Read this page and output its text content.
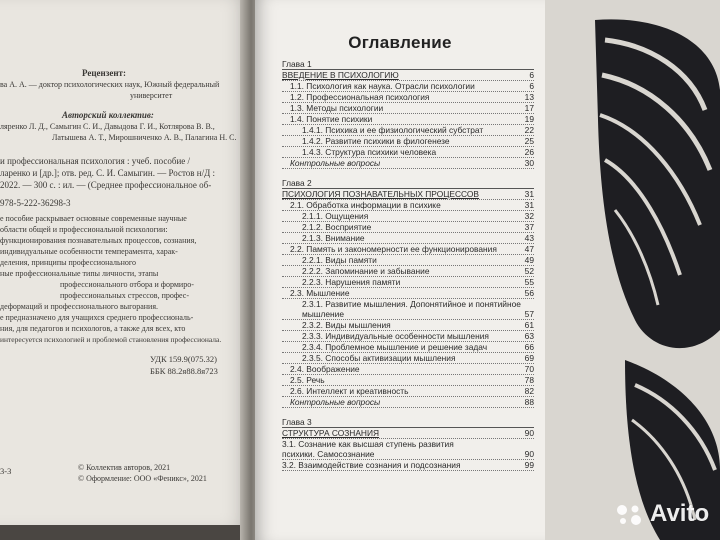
Рецензент:
ва А. А. — доктор психологических наук, Южный федеральный
университет
Авторский коллектив:
ляренко Л. Д., Самыгин С. И., Давыдова Г. И., Котлярова В. В.,
Латышева А. Т., Мирошниченко А. В., Палагина Н. С.
и профессиональная психология : учеб. пособие /
ларенко и [др.]; отв. ред. С. И. Самыгин. — Ростов н/Д :
2022. — 300 с. : ил. — (Среднее профессиональное об-
978-5-222-36298-3
е пособие раскрывает основные современные научные
области общей и профессиональной психологии:
функционирования познавательных процессов, сознания,
индивидуальные особенности темперамента, харак-
деления, принципы профессионального
ные профессиональные типы личности, этапы
профессионального отбора и формиро-
профессиональных стрессов, профес-
деформаций и профессионального выгорания.
е предназначено для учащихся среднего профессиональ-
ния, для педагогов и психологов, а также для всех, кто
интересуется психологией и проблемой становления профессионала.
УДК 159.9(075.32)
ББК 88.2я88.8я723
3-3	© Коллектив авторов, 2021
© Оформление: ООО «Феникс», 2021
Оглавление
Глава 1
ВВЕДЕНИЕ В ПСИХОЛОГИЮ	6
1.1. Психология как наука. Отрасли психологии	6
1.2. Профессиональная психология	13
1.3. Методы психологии	17
1.4. Понятие психики	19
1.4.1. Психика и ее физиологический субстрат	22
1.4.2. Развитие психики в филогенезе	25
1.4.3. Структура психики человека	26
Контрольные вопросы	30
Глава 2
ПСИХОЛОГИЯ ПОЗНАВАТЕЛЬНЫХ ПРОЦЕССОВ	31
2.1. Обработка информации в психике	31
2.1.1. Ощущения	32
2.1.2. Восприятие	37
2.1.3. Внимание	43
2.2. Память и закономерности ее функционирования	47
2.2.1. Виды памяти	49
2.2.2. Запоминание и забывание	52
2.2.3. Нарушения памяти	55
2.3. Мышление	56
2.3.1. Развитие мышления. Допонятийное и понятийное
мышление	57
2.3.2. Виды мышления	61
2.3.3. Индивидуальные особенности мышления	63
2.3.4. Проблемное мышление и решение задач	66
2.3.5. Способы активизации мышления	69
2.4. Воображение	70
2.5. Речь	78
2.6. Интеллект и креативность	82
Контрольные вопросы	88
Глава 3
СТРУКТУРА СОЗНАНИЯ	90
3.1. Сознание как высшая ступень развития
психики. Самосознание	90
3.2. Взаимодействие сознания и подсознания	99
Avito
